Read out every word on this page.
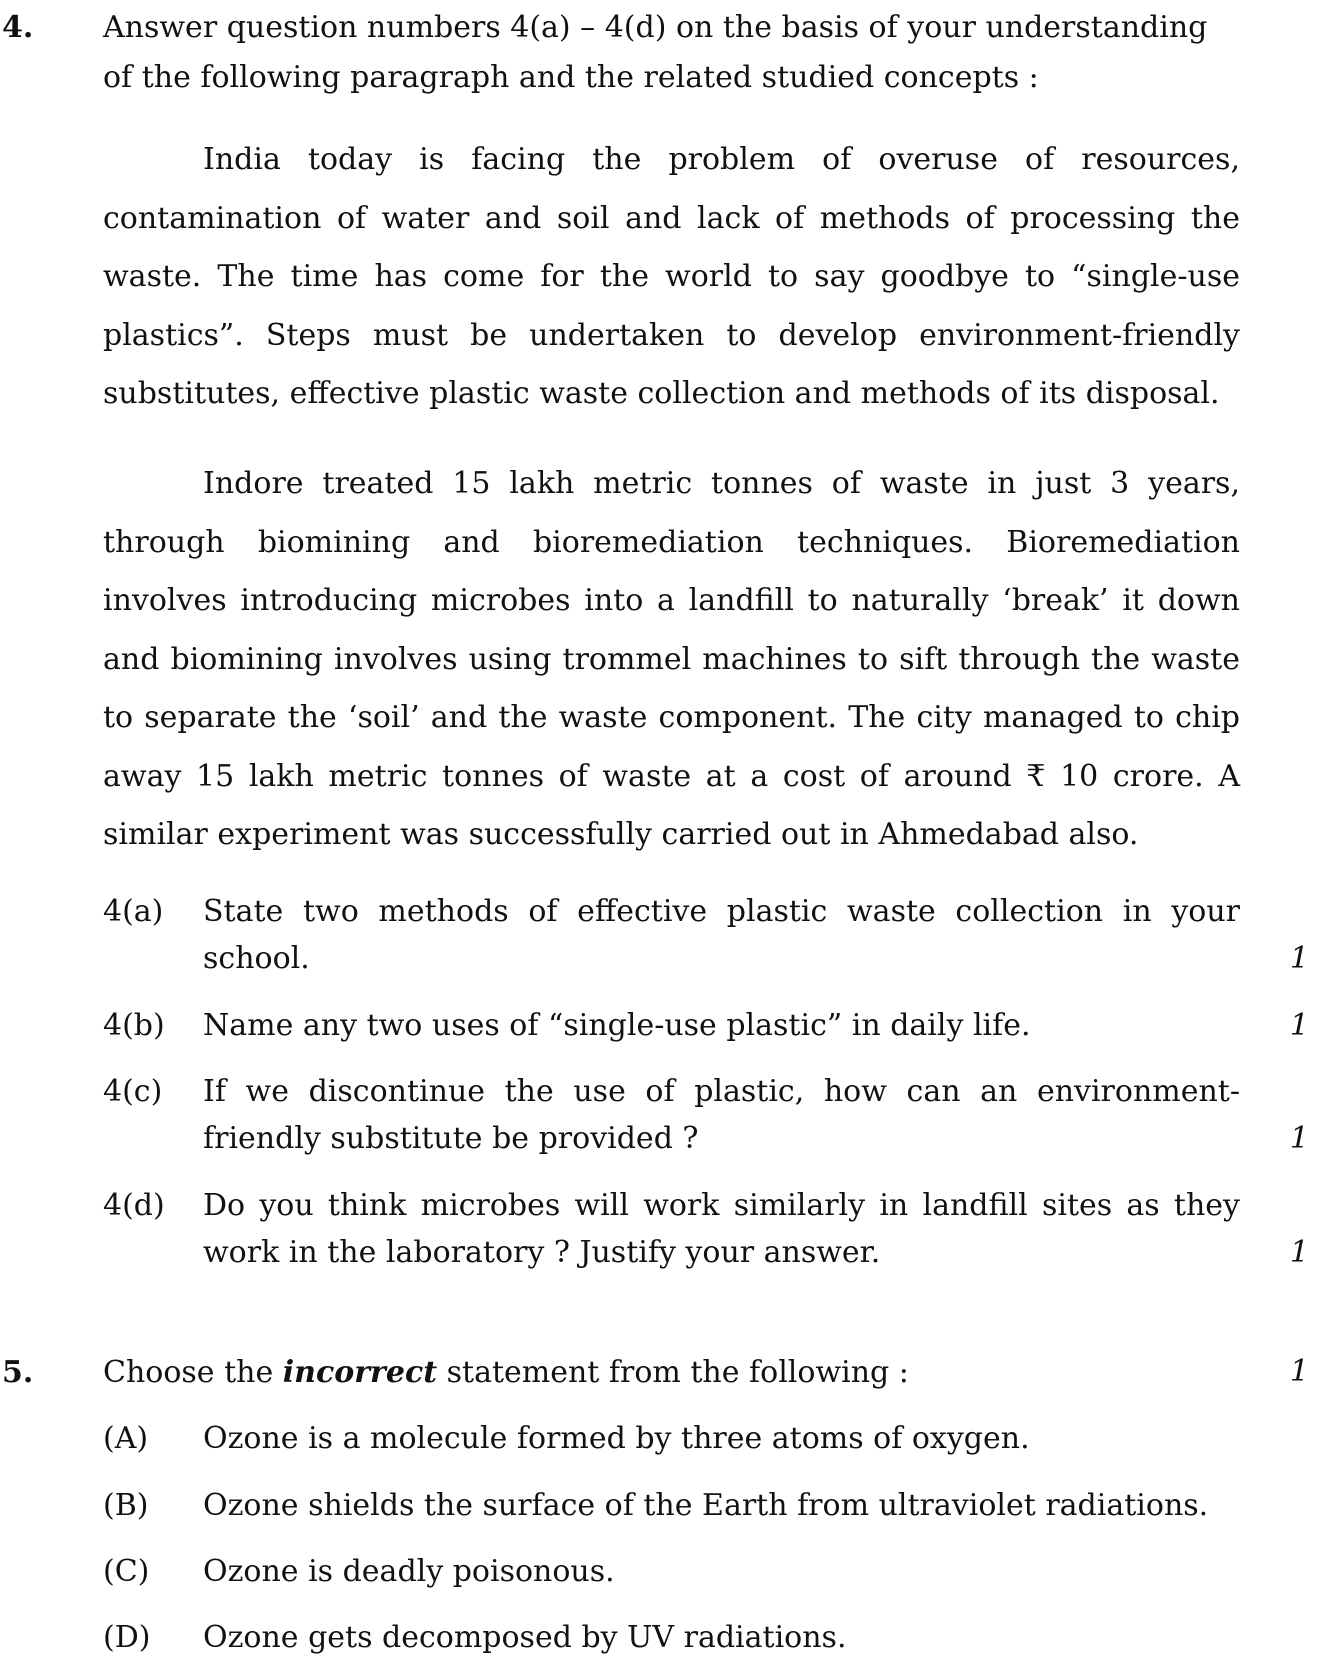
4. Answer question numbers 4(a) – 4(d) on the basis of your understanding
of the following paragraph and the related studied concepts :
India today is facing the problem of overuse of resources, contamination of water and soil and lack of methods of processing the waste. The time has come for the world to say goodbye to “single-use plastics”. Steps must be undertaken to develop environment-friendly substitutes, effective plastic waste collection and methods of its disposal.
Indore treated 15 lakh metric tonnes of waste in just 3 years, through biomining and bioremediation techniques. Bioremediation involves introducing microbes into a landfill to naturally ‘break’ it down and biomining involves using trommel machines to sift through the waste to separate the ‘soil’ and the waste component. The city managed to chip away 15 lakh metric tonnes of waste at a cost of around ₹ 10 crore. A similar experiment was successfully carried out in Ahmedabad also.
4(a) State two methods of effective plastic waste collection in your school.	1
4(b) Name any two uses of “single-use plastic” in daily life.	1
4(c) If we discontinue the use of plastic, how can an environment-friendly substitute be provided ?	1
4(d) Do you think microbes will work similarly in landfill sites as they work in the laboratory ? Justify your answer.	1
5. Choose the incorrect statement from the following :	1
(A) Ozone is a molecule formed by three atoms of oxygen.
(B) Ozone shields the surface of the Earth from ultraviolet radiations.
(C) Ozone is deadly poisonous.
(D) Ozone gets decomposed by UV radiations.
